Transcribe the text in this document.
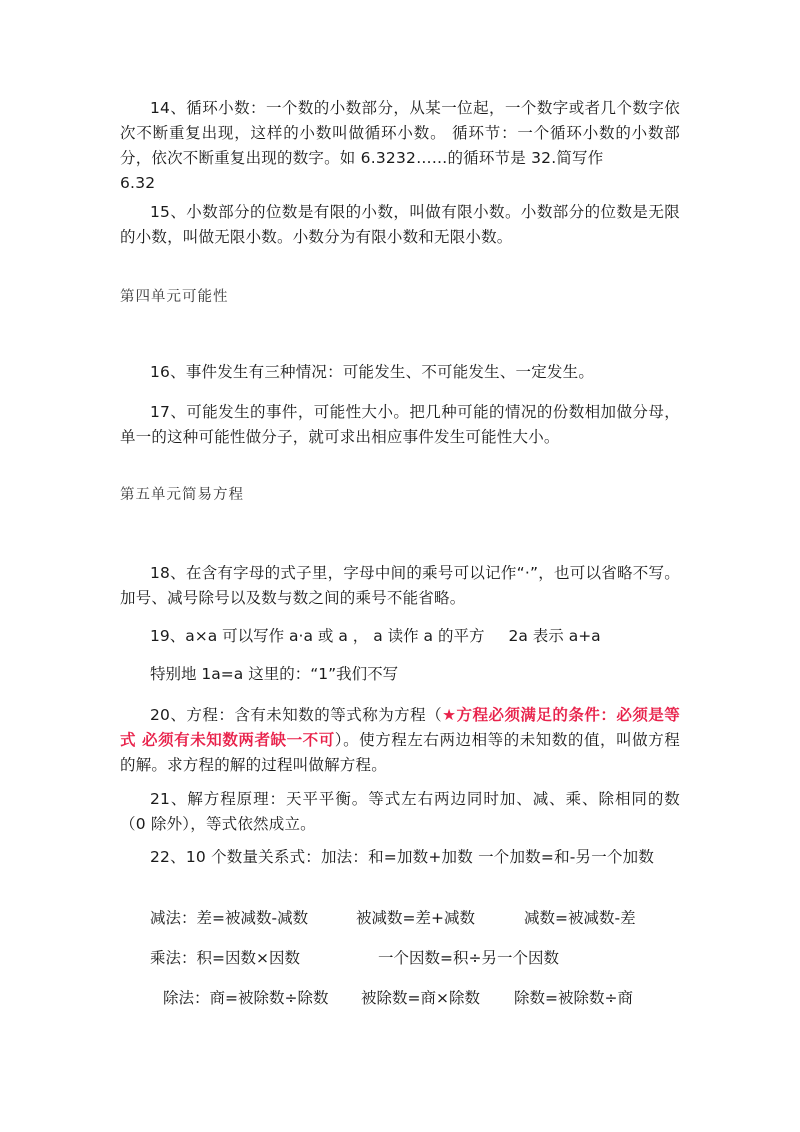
14、循环小数：一个数的小数部分，从某一位起，一个数字或者几个数字依次不断重复出现，这样的小数叫做循环小数。 循环节：一个循环小数的小数部分，依次不断重复出现的数字。如 6.3232……的循环节是 32.简写作
6.32

15、小数部分的位数是有限的小数，叫做有限小数。小数部分的位数是无限的小数，叫做无限小数。小数分为有限小数和无限小数。

第四单元可能性

16、事件发生有三种情况：可能发生、不可能发生、一定发生。

17、可能发生的事件，可能性大小。把几种可能的情况的份数相加做分母，单一的这种可能性做分子，就可求出相应事件发生可能性大小。

第五单元简易方程

18、在含有字母的式子里，字母中间的乘号可以记作“·”，也可以省略不写。加号、减号除号以及数与数之间的乘号不能省略。

19、a×a 可以写作 a·a 或 a ， a 读作 a 的平方 2a 表示 a+a

特别地 1a=a 这里的：“1”我们不写

20、方程：含有未知数的等式称为方程（★方程必须满足的条件：必须是等式 必须有未知数两者缺一不可）。使方程左右两边相等的未知数的值，叫做方程的解。求方程的解的过程叫做解方程。

21、解方程原理：天平平衡。等式左右两边同时加、减、乘、除相同的数（0 除外），等式依然成立。

22、10 个数量关系式：加法：和=加数+加数 一个加数=和-另一个加数

减法：差=被减数-减数	被减数=差+减数	减数=被减数-差

乘法：积=因数×因数	一个因数=积÷另一个因数

除法：商=被除数÷除数 被除数=商×除数 除数=被除数÷商
